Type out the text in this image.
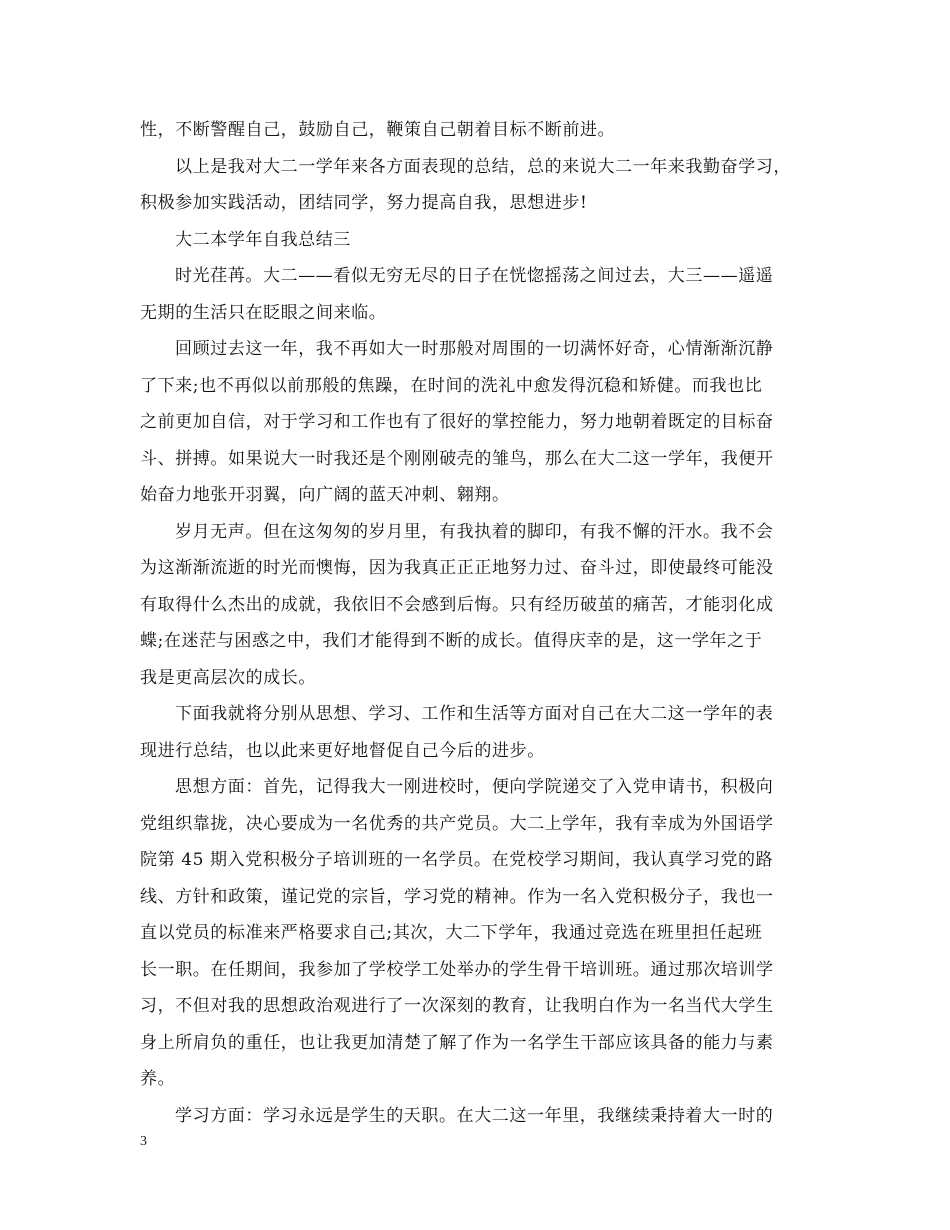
性，不断警醒自己，鼓励自己，鞭策自己朝着目标不断前进。
以上是我对大二一学年来各方面表现的总结，总的来说大二一年来我勤奋学习，
积极参加实践活动，团结同学，努力提高自我，思想进步!
大二本学年自我总结三
时光荏苒。大二——看似无穷无尽的日子在恍惚摇荡之间过去，大三——遥遥
无期的生活只在眨眼之间来临。
回顾过去这一年，我不再如大一时那般对周围的一切满怀好奇，心情渐渐沉静
了下来;也不再似以前那般的焦躁，在时间的洗礼中愈发得沉稳和矫健。而我也比
之前更加自信，对于学习和工作也有了很好的掌控能力，努力地朝着既定的目标奋
斗、拼搏。如果说大一时我还是个刚刚破壳的雏鸟，那么在大二这一学年，我便开
始奋力地张开羽翼，向广阔的蓝天冲刺、翱翔。
岁月无声。但在这匆匆的岁月里，有我执着的脚印，有我不懈的汗水。我不会
为这渐渐流逝的时光而懊悔，因为我真正正正地努力过、奋斗过，即使最终可能没
有取得什么杰出的成就，我依旧不会感到后悔。只有经历破茧的痛苦，才能羽化成
蝶;在迷茫与困惑之中，我们才能得到不断的成长。值得庆幸的是，这一学年之于
我是更高层次的成长。
下面我就将分别从思想、学习、工作和生活等方面对自己在大二这一学年的表
现进行总结，也以此来更好地督促自己今后的进步。
思想方面：首先，记得我大一刚进校时，便向学院递交了入党申请书，积极向
党组织靠拢，决心要成为一名优秀的共产党员。大二上学年，我有幸成为外国语学
院第 45 期入党积极分子培训班的一名学员。在党校学习期间，我认真学习党的路
线、方针和政策，谨记党的宗旨，学习党的精神。作为一名入党积极分子，我也一
直以党员的标准来严格要求自己;其次，大二下学年，我通过竞选在班里担任起班
长一职。在任期间，我参加了学校学工处举办的学生骨干培训班。通过那次培训学
习，不但对我的思想政治观进行了一次深刻的教育，让我明白作为一名当代大学生
身上所肩负的重任，也让我更加清楚了解了作为一名学生干部应该具备的能力与素
养。
学习方面：学习永远是学生的天职。在大二这一年里，我继续秉持着大一时的
3
